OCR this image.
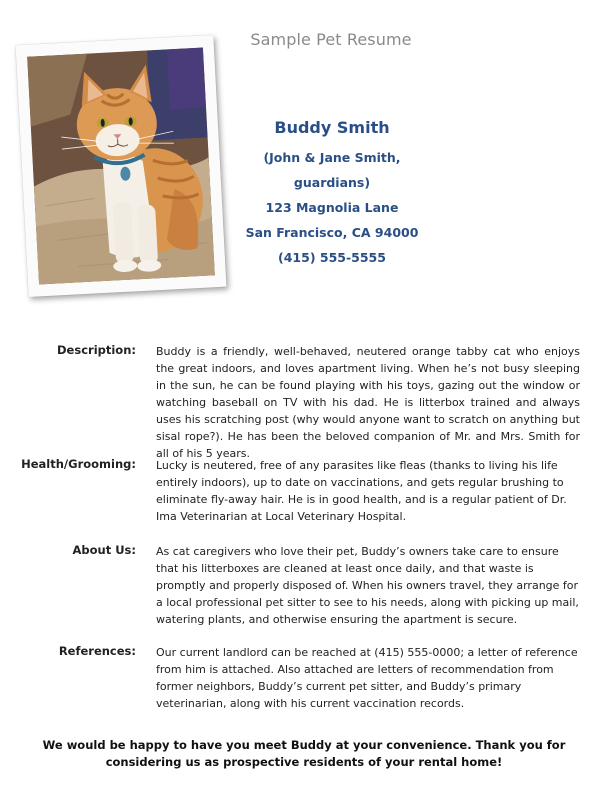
Sample Pet Resume
Buddy Smith
(John & Jane Smith, guardians)
123 Magnolia Lane
San Francisco, CA 94000
(415) 555-5555
Description: Buddy is a friendly, well-behaved, neutered orange tabby cat who enjoys the great indoors, and loves apartment living. When he’s not busy sleeping in the sun, he can be found playing with his toys, gazing out the window or watching baseball on TV with his dad. He is litterbox trained and always uses his scratching post (why would anyone want to scratch on anything but sisal rope?). He has been the beloved companion of Mr. and Mrs. Smith for all of his 5 years.
Health/Grooming: Lucky is neutered, free of any parasites like fleas (thanks to living his life entirely indoors), up to date on vaccinations, and gets regular brushing to eliminate fly-away hair. He is in good health, and is a regular patient of Dr. Ima Veterinarian at Local Veterinary Hospital.
About Us: As cat caregivers who love their pet, Buddy’s owners take care to ensure that his litterboxes are cleaned at least once daily, and that waste is promptly and properly disposed of. When his owners travel, they arrange for a local professional pet sitter to see to his needs, along with picking up mail, watering plants, and otherwise ensuring the apartment is secure.
References: Our current landlord can be reached at (415) 555-0000; a letter of reference from him is attached. Also attached are letters of recommendation from former neighbors, Buddy’s current pet sitter, and Buddy’s primary veterinarian, along with his current vaccination records.
We would be happy to have you meet Buddy at your convenience. Thank you for considering us as prospective residents of your rental home!
